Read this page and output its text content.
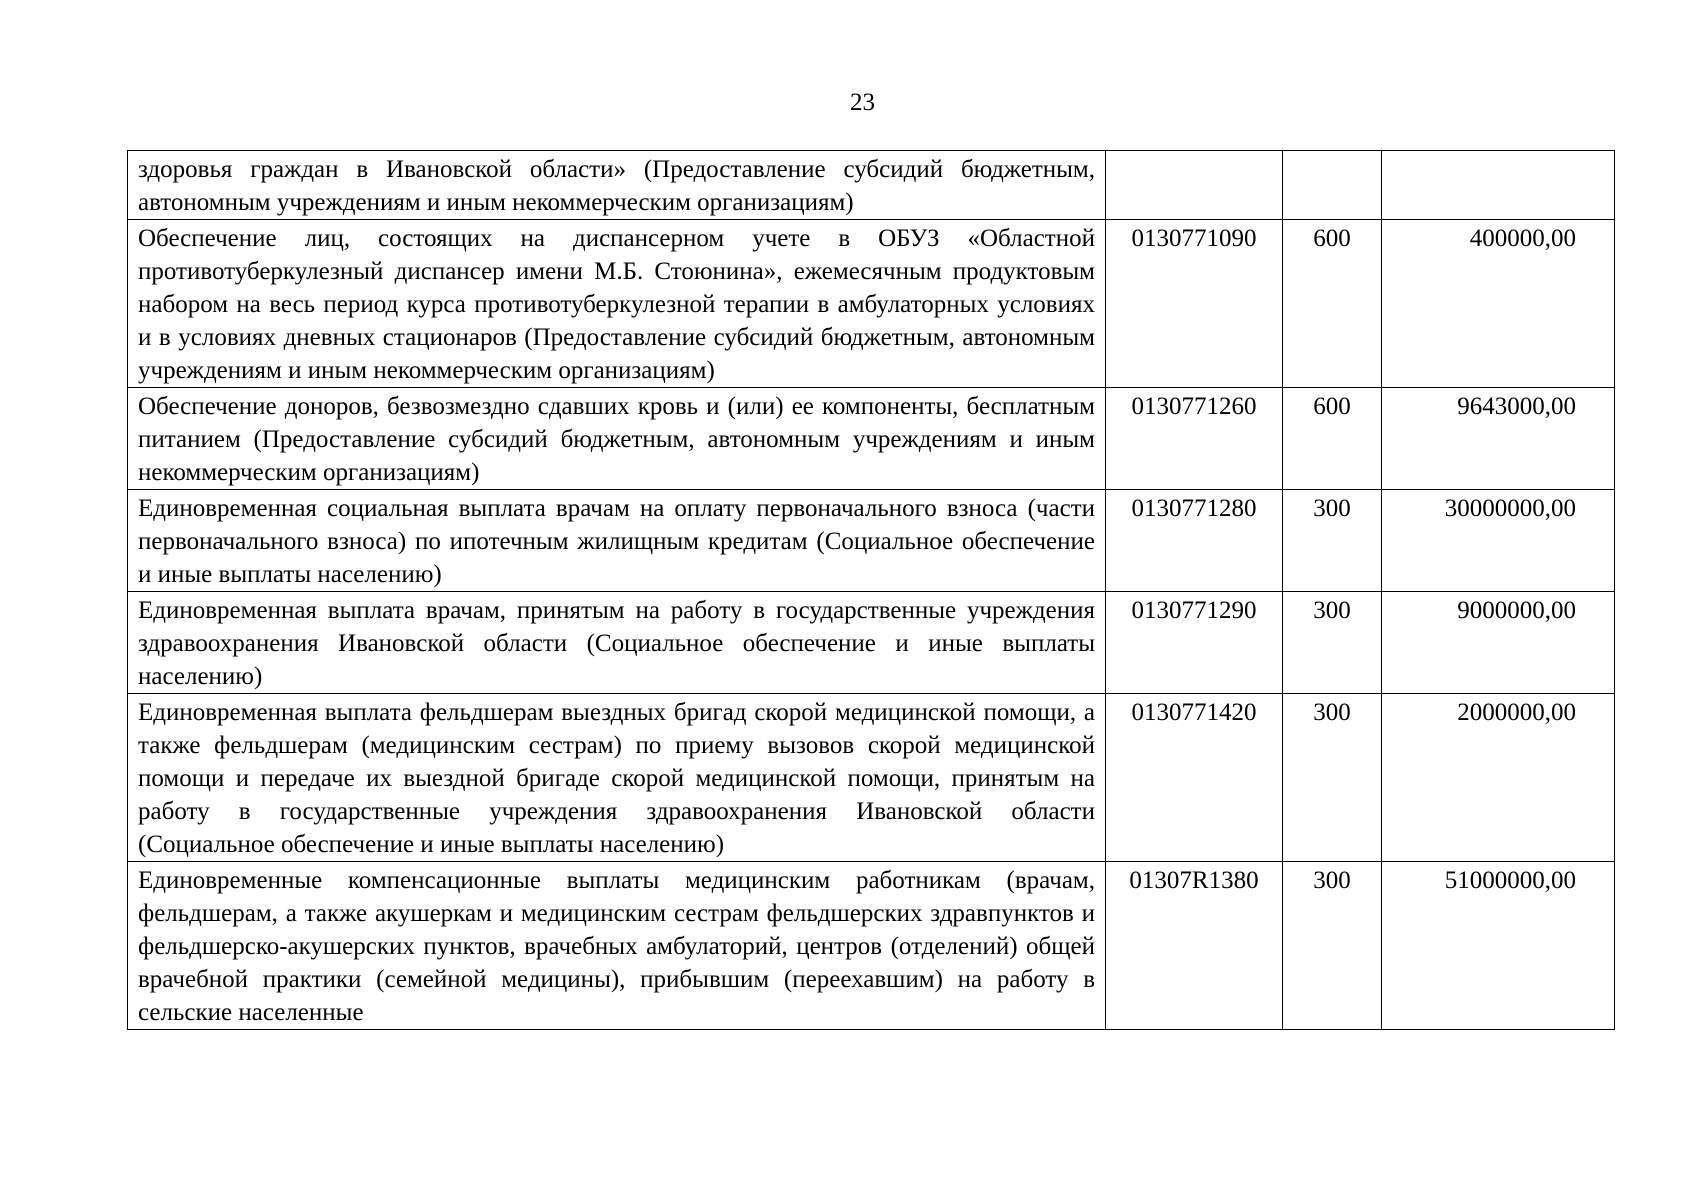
23
здоровья граждан в Ивановской области» (Предоставление субсидий бюджетным, автономным учреждениям и иным некоммерческим организациям)			
Обеспечение лиц, состоящих на диспансерном учете в ОБУЗ «Областной противотуберкулезный диспансер имени М.Б. Стоюнина», ежемесячным продуктовым набором на весь период курса противотуберкулезной терапии в амбулаторных условиях и в условиях дневных стационаров (Предоставление субсидий бюджетным, автономным учреждениям и иным некоммерческим организациям)	0130771090	600	400000,00
Обеспечение доноров, безвозмездно сдавших кровь и (или) ее компоненты, бесплатным питанием (Предоставление субсидий бюджетным, автономным учреждениям и иным некоммерческим организациям)	0130771260	600	9643000,00
Единовременная социальная выплата врачам на оплату первоначального взноса (части первоначального взноса) по ипотечным жилищным кредитам (Социальное обеспечение и иные выплаты населению)	0130771280	300	30000000,00
Единовременная выплата врачам, принятым на работу в государственные учреждения здравоохранения Ивановской области (Социальное обеспечение и иные выплаты населению)	0130771290	300	9000000,00
Единовременная выплата фельдшерам выездных бригад скорой медицинской помощи, а также фельдшерам (медицинским сестрам) по приему вызовов скорой медицинской помощи и передаче их выездной бригаде скорой медицинской помощи, принятым на работу в государственные учреждения здравоохранения Ивановской области (Социальное обеспечение и иные выплаты населению)	0130771420	300	2000000,00
Единовременные компенсационные выплаты медицинским работникам (врачам, фельдшерам, а также акушеркам и медицинским сестрам фельдшерских здравпунктов и фельдшерско-акушерских пунктов, врачебных амбулаторий, центров (отделений) общей врачебной практики (семейной медицины), прибывшим (переехавшим) на работу в сельские населенные	01307R1380	300	51000000,00
